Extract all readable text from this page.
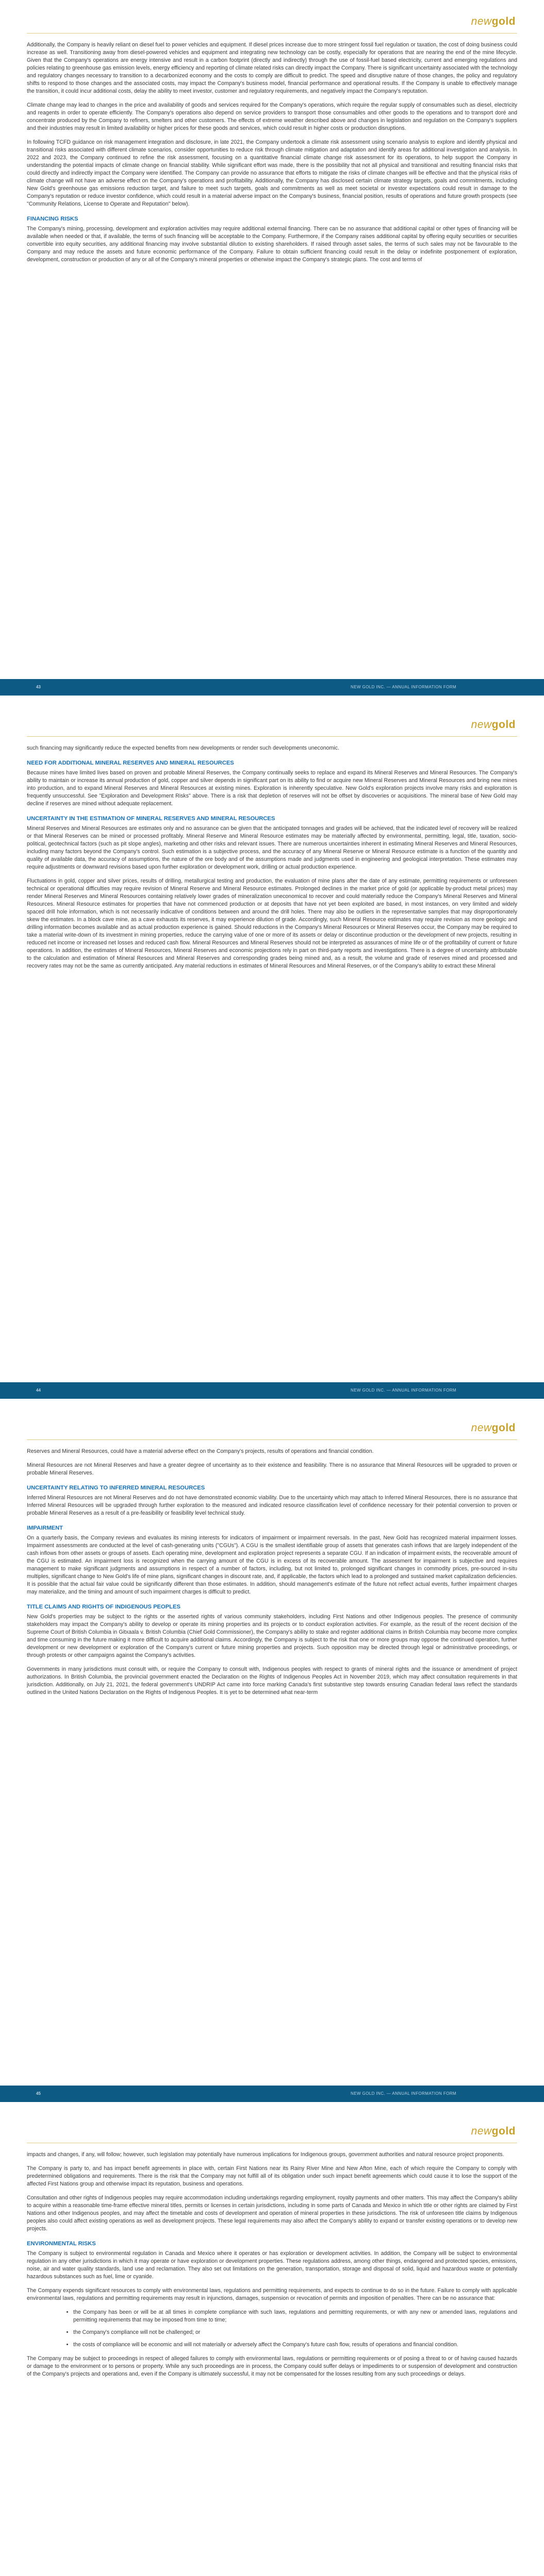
newgold

Additionally, the Company is heavily reliant on diesel fuel to power vehicles and equipment. If diesel prices increase due to more stringent fossil fuel regulation or taxation, the cost of doing business could increase as well. Transitioning away from diesel-powered vehicles and equipment and integrating new technology can be costly, especially for operations that are nearing the end of the mine lifecycle. Given that the Company's operations are energy intensive and result in a carbon footprint (directly and indirectly) through the use of fossil-fuel based electricity, current and emerging regulations and policies relating to greenhouse gas emission levels, energy efficiency and reporting of climate related risks can directly impact the Company. There is significant uncertainty associated with the technology and regulatory changes necessary to transition to a decarbonized economy and the costs to comply are difficult to predict. The speed and disruptive nature of those changes, the policy and regulatory shifts to respond to those changes and the associated costs, may impact the Company's business model, financial performance and operational results. If the Company is unable to effectively manage the transition, it could incur additional costs, delay the ability to meet investor, customer and regulatory requirements, and negatively impact the Company's reputation.

Climate change may lead to changes in the price and availability of goods and services required for the Company's operations, which require the regular supply of consumables such as diesel, electricity and reagents in order to operate efficiently. The Company's operations also depend on service providers to transport those consumables and other goods to the operations and to transport doré and concentrate produced by the Company to refiners, smelters and other customers. The effects of extreme weather described above and changes in legislation and regulation on the Company's suppliers and their industries may result in limited availability or higher prices for these goods and services, which could result in higher costs or production disruptions.

In following TCFD guidance on risk management integration and disclosure, in late 2021, the Company undertook a climate risk assessment using scenario analysis to explore and identify physical and transitional risks associated with different climate scenarios, consider opportunities to reduce risk through climate mitigation and adaptation and identify areas for additional investigation and analysis. In 2022 and 2023, the Company continued to refine the risk assessment, focusing on a quantitative financial climate change risk assessment for its operations, to help support the Company in understanding the potential impacts of climate change on financial stability. While significant effort was made, there is the possibility that not all physical and transitional and resulting financial risks that could directly and indirectly impact the Company were identified. The Company can provide no assurance that efforts to mitigate the risks of climate changes will be effective and that the physical risks of climate change will not have an adverse effect on the Company's operations and profitability. Additionally, the Company has disclosed certain climate strategy targets, goals and commitments, including New Gold's greenhouse gas emissions reduction target, and failure to meet such targets, goals and commitments as well as meet societal or investor expectations could result in damage to the Company's reputation or reduce investor confidence, which could result in a material adverse impact on the Company's business, financial position, results of operations and future growth prospects (see "Community Relations, License to Operate and Reputation" below).

FINANCING RISKS

The Company's mining, processing, development and exploration activities may require additional external financing. There can be no assurance that additional capital or other types of financing will be available when needed or that, if available, the terms of such financing will be acceptable to the Company. Furthermore, if the Company raises additional capital by offering equity securities or securities convertible into equity securities, any additional financing may involve substantial dilution to existing shareholders. If raised through asset sales, the terms of such sales may not be favourable to the Company and may reduce the assets and future economic performance of the Company. Failure to obtain sufficient financing could result in the delay or indefinite postponement of exploration, development, construction or production of any or all of the Company's mineral properties or otherwise impact the Company's strategic plans. The cost and terms of

43	NEW GOLD INC. — ANNUAL INFORMATION FORM
newgold

such financing may significantly reduce the expected benefits from new developments or render such developments uneconomic.

NEED FOR ADDITIONAL MINERAL RESERVES AND MINERAL RESOURCES

Because mines have limited lives based on proven and probable Mineral Reserves, the Company continually seeks to replace and expand its Mineral Reserves and Mineral Resources. The Company's ability to maintain or increase its annual production of gold, copper and silver depends in significant part on its ability to find or acquire new Mineral Reserves and Mineral Resources and bring new mines into production, and to expand Mineral Reserves and Mineral Resources at existing mines. Exploration is inherently speculative. New Gold's exploration projects involve many risks and exploration is frequently unsuccessful. See "Exploration and Development Risks" above. There is a risk that depletion of reserves will not be offset by discoveries or acquisitions. The mineral base of New Gold may decline if reserves are mined without adequate replacement.

UNCERTAINTY IN THE ESTIMATION OF MINERAL RESERVES AND MINERAL RESOURCES

Mineral Reserves and Mineral Resources are estimates only and no assurance can be given that the anticipated tonnages and grades will be achieved, that the indicated level of recovery will be realized or that Mineral Reserves can be mined or processed profitably. Mineral Reserve and Mineral Resource estimates may be materially affected by environmental, permitting, legal, title, taxation, socio-political, geotechnical factors (such as pit slope angles), marketing and other risks and relevant issues. There are numerous uncertainties inherent in estimating Mineral Reserves and Mineral Resources, including many factors beyond the Company's control. Such estimation is a subjective process, and the accuracy of any Mineral Reserve or Mineral Resource estimate is a function of the quantity and quality of available data, the accuracy of assumptions, the nature of the ore body and of the assumptions made and judgments used in engineering and geological interpretation. These estimates may require adjustments or downward revisions based upon further exploration or development work, drilling or actual production experience.

Fluctuations in gold, copper and silver prices, results of drilling, metallurgical testing and production, the evaluation of mine plans after the date of any estimate, permitting requirements or unforeseen technical or operational difficulties may require revision of Mineral Reserve and Mineral Resource estimates. Prolonged declines in the market price of gold (or applicable by-product metal prices) may render Mineral Reserves and Mineral Resources containing relatively lower grades of mineralization uneconomical to recover and could materially reduce the Company's Mineral Reserves and Mineral Resources. Mineral Resource estimates for properties that have not commenced production or at deposits that have not yet been exploited are based, in most instances, on very limited and widely spaced drill hole information, which is not necessarily indicative of conditions between and around the drill holes. There may also be outliers in the representative samples that may disproportionately skew the estimates. In a block cave mine, as a cave exhausts its reserves, it may experience dilution of grade. Accordingly, such Mineral Resource estimates may require revision as more geologic and drilling information becomes available and as actual production experience is gained. Should reductions in the Company's Mineral Resources or Mineral Reserves occur, the Company may be required to take a material write-down of its investment in mining properties, reduce the carrying value of one or more of its assets or delay or discontinue production or the development of new projects, resulting in reduced net income or increased net losses and reduced cash flow. Mineral Resources and Mineral Reserves should not be interpreted as assurances of mine life or of the profitability of current or future operations. In addition, the estimates of Mineral Resources, Mineral Reserves and economic projections rely in part on third-party reports and investigations. There is a degree of uncertainty attributable to the calculation and estimation of Mineral Resources and Mineral Reserves and corresponding grades being mined and, as a result, the volume and grade of reserves mined and processed and recovery rates may not be the same as currently anticipated. Any material reductions in estimates of Mineral Resources and Mineral Reserves, or of the Company's ability to extract these Mineral

44	NEW GOLD INC. — ANNUAL INFORMATION FORM
newgold

Reserves and Mineral Resources, could have a material adverse effect on the Company's projects, results of operations and financial condition.

Mineral Resources are not Mineral Reserves and have a greater degree of uncertainty as to their existence and feasibility. There is no assurance that Mineral Resources will be upgraded to proven or probable Mineral Reserves.

UNCERTAINTY RELATING TO INFERRED MINERAL RESOURCES

Inferred Mineral Resources are not Mineral Reserves and do not have demonstrated economic viability. Due to the uncertainty which may attach to Inferred Mineral Resources, there is no assurance that Inferred Mineral Resources will be upgraded through further exploration to the measured and indicated resource classification level of confidence necessary for their potential conversion to proven or probable Mineral Reserves as a result of a pre-feasibility or feasibility level technical study.

IMPAIRMENT

On a quarterly basis, the Company reviews and evaluates its mining interests for indicators of impairment or impairment reversals. In the past, New Gold has recognized material impairment losses. Impairment assessments are conducted at the level of cash-generating units ("CGUs"). A CGU is the smallest identifiable group of assets that generates cash inflows that are largely independent of the cash inflows from other assets or groups of assets. Each operating mine, development and exploration project represents a separate CGU. If an indication of impairment exists, the recoverable amount of the CGU is estimated. An impairment loss is recognized when the carrying amount of the CGU is in excess of its recoverable amount. The assessment for impairment is subjective and requires management to make significant judgments and assumptions in respect of a number of factors, including, but not limited to, prolonged significant changes in commodity prices, pre-sourced in-situ multiples, significant change to New Gold's life of mine plans, significant changes in discount rate, and, if applicable, the factors which lead to a prolonged and sustained market capitalization deficiencies. It is possible that the actual fair value could be significantly different than those estimates. In addition, should management's estimate of the future not reflect actual events, further impairment charges may materialize, and the timing and amount of such impairment charges is difficult to predict.

TITLE CLAIMS AND RIGHTS OF INDIGENOUS PEOPLES

New Gold's properties may be subject to the rights or the asserted rights of various community stakeholders, including First Nations and other Indigenous peoples. The presence of community stakeholders may impact the Company's ability to develop or operate its mining properties and its projects or to conduct exploration activities. For example, as the result of the recent decision of the Supreme Court of British Columbia in Gitxaala v. British Columbia (Chief Gold Commissioner), the Company's ability to stake and register additional claims in British Columbia may become more complex and time consuming in the future making it more difficult to acquire additional claims. Accordingly, the Company is subject to the risk that one or more groups may oppose the continued operation, further development or new development or exploration of the Company's current or future mining properties and projects. Such opposition may be directed through legal or administrative proceedings, or through protests or other campaigns against the Company's activities.

Governments in many jurisdictions must consult with, or require the Company to consult with, Indigenous peoples with respect to grants of mineral rights and the issuance or amendment of project authorizations. In British Columbia, the provincial government enacted the Declaration on the Rights of Indigenous Peoples Act in November 2019, which may affect consultation requirements in that jurisdiction. Additionally, on July 21, 2021, the federal government's UNDRIP Act came into force marking Canada's first substantive step towards ensuring Canadian federal laws reflect the standards outlined in the United Nations Declaration on the Rights of Indigenous Peoples. It is yet to be determined what near-term

45	NEW GOLD INC. — ANNUAL INFORMATION FORM
newgold

impacts and changes, if any, will follow; however, such legislation may potentially have numerous implications for Indigenous groups, government authorities and natural resource project proponents.

The Company is party to, and has impact benefit agreements in place with, certain First Nations near its Rainy River Mine and New Afton Mine, each of which require the Company to comply with predetermined obligations and requirements. There is the risk that the Company may not fulfill all of its obligation under such impact benefit agreements which could cause it to lose the support of the affected First Nations group and otherwise impact its reputation, business and operations.

Consultation and other rights of Indigenous peoples may require accommodation including undertakings regarding employment, royalty payments and other matters. This may affect the Company's ability to acquire within a reasonable time-frame effective mineral titles, permits or licenses in certain jurisdictions, including in some parts of Canada and Mexico in which title or other rights are claimed by First Nations and other Indigenous peoples, and may affect the timetable and costs of development and operation of mineral properties in these jurisdictions. The risk of unforeseen title claims by Indigenous peoples also could affect existing operations as well as development projects. These legal requirements may also affect the Company's ability to expand or transfer existing operations or to develop new projects.

ENVIRONMENTAL RISKS

The Company is subject to environmental regulation in Canada and Mexico where it operates or has exploration or development activities. In addition, the Company will be subject to environmental regulation in any other jurisdictions in which it may operate or have exploration or development properties. These regulations address, among other things, endangered and protected species, emissions, noise, air and water quality standards, land use and reclamation. They also set out limitations on the generation, transportation, storage and disposal of solid, liquid and hazardous waste or potentially hazardous substances such as fuel, lime or cyanide.

The Company expends significant resources to comply with environmental laws, regulations and permitting requirements, and expects to continue to do so in the future. Failure to comply with applicable environmental laws, regulations and permitting requirements may result in injunctions, damages, suspension or revocation of permits and imposition of penalties. There can be no assurance that:

• the Company has been or will be at all times in complete compliance with such laws, regulations and permitting requirements, or with any new or amended laws, regulations and permitting requirements that may be imposed from time to time;
• the Company's compliance will not be challenged; or
• the costs of compliance will be economic and will not materially or adversely affect the Company's future cash flow, results of operations and financial condition.

The Company may be subject to proceedings in respect of alleged failures to comply with environmental laws, regulations or permitting requirements or of posing a threat to or of having caused hazards or damage to the environment or to persons or property. While any such proceedings are in process, the Company could suffer delays or impediments to or suspension of development and construction of the Company's projects and operations and, even if the Company is ultimately successful, it may not be compensated for the losses resulting from any such proceedings or delays.
